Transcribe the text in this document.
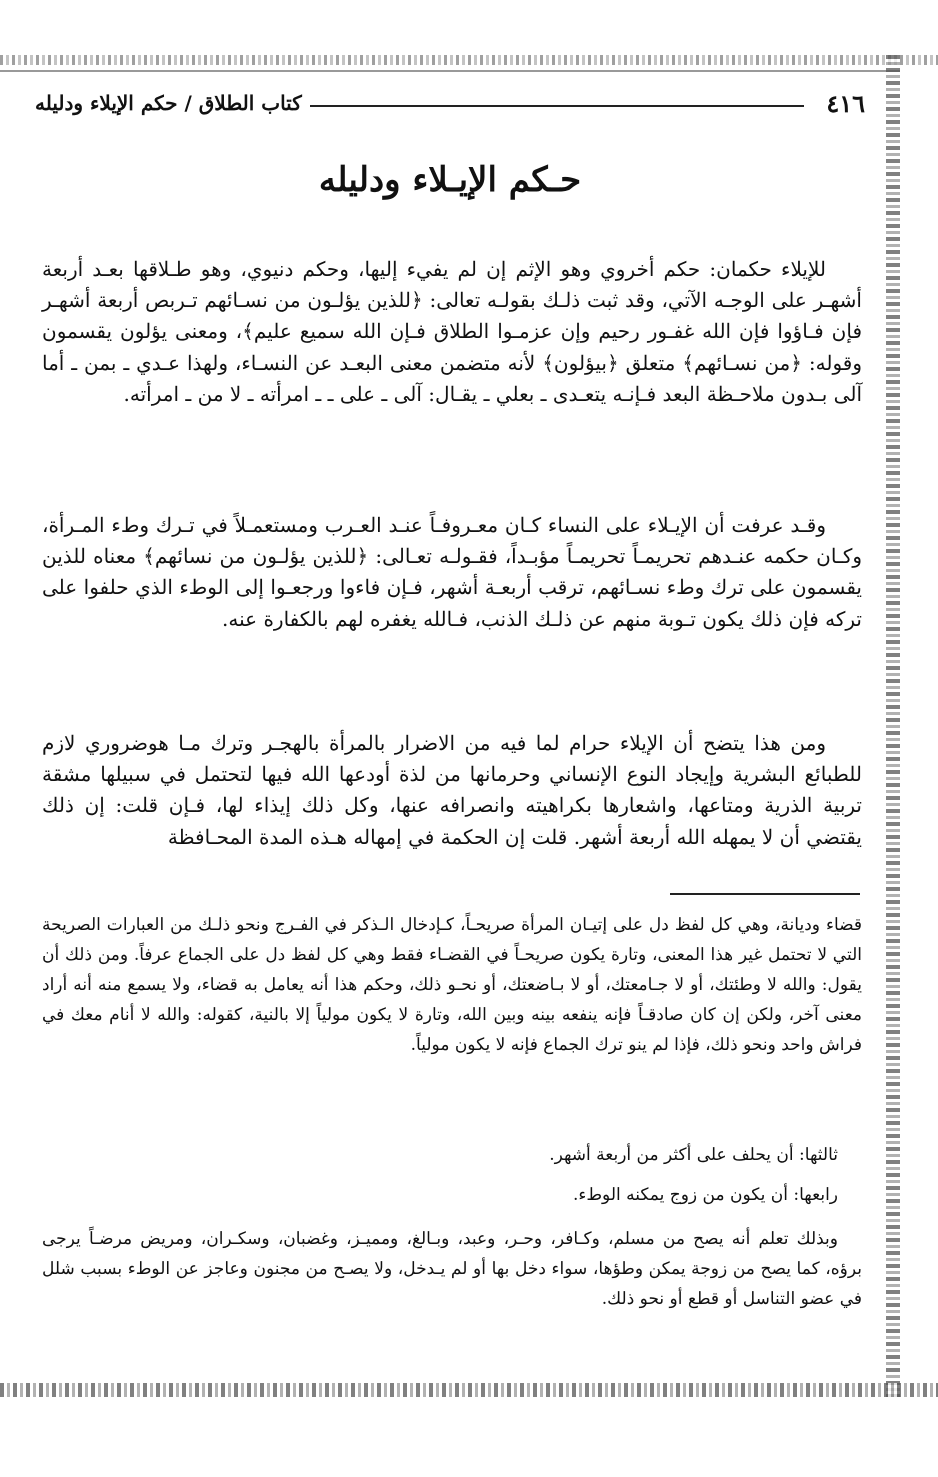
٤١٦
كتاب الطلاق / حكم الإيلاء ودليله
حـكم الإيـلاء ودليله

للإيلاء حكمان: حكم أخروي وهو الإثم إن لم يفيء إليها، وحكم دنيوي، وهو طـلاقها بعـد أربعة أشهـر على الوجـه الآتي، وقد ثبت ذلـك بقولـه تعالى: ﴿للذين يؤلـون من نسـائهم تـربص أربعة أشهـر فإن فـاؤوا فإن الله غفـور رحيم وإن عزمـوا الطلاق فـإن الله سميع عليم﴾، ومعنى يؤلون يقسمون وقوله: ﴿من نسـائهم﴾ متعلق ﴿بيؤلون﴾ لأنه متضمن معنى البعـد عن النسـاء، ولهذا عـدي ـ بمن ـ أما آلى بـدون ملاحـظة البعد فـإنـه يتعـدى ـ بعلي ـ يقـال: آلى ـ على ـ ـ امرأته ـ لا من ـ امرأته.

وقـد عرفت أن الإيـلاء على النساء كـان معـروفـاً عنـد العـرب ومستعمـلاً في تـرك وطء المـرأة، وكـان حكمه عنـدهم تحريمـاً تحريمـاً مؤبـداً، فقـولـه تعـالى: ﴿للذين يؤلـون من نسائهم﴾ معناه للذين يقسمون على ترك وطء نسـائهم، ترقب أربعـة أشهر، فـإن فاءوا ورجعـوا إلى الوطء الذي حلفوا على تركه فإن ذلك يكون تـوبة منهم عن ذلـك الذنب، فـالله يغفره لهم بالكفارة عنه.

ومن هذا يتضح أن الإيلاء حرام لما فيه من الاضرار بالمرأة بالهجـر وترك مـا هوضروري لازم للطبائع البشرية وإيجاد النوع الإنساني وحرمانها من لذة أودعها الله فيها لتحتمل في سبيلها مشقة تربية الذرية ومتاعها، واشعارها بكراهيته وانصرافه عنها، وكل ذلك إيذاء لها، فـإن قلت: إن ذلك يقتضي أن لا يمهله الله أربعة أشهر. قلت إن الحكمة في إمهاله هـذه المدة المحـافظة

قضاء وديانة، وهي كل لفظ دل على إتيـان المرأة صريحـاً، كـإدخال الـذكر في الفـرج ونحو ذلـك من العبارات الصريحة التي لا تحتمل غير هذا المعنى، وتارة يكون صريحـاً في القضـاء فقط وهي كل لفظ دل على الجماع عرفاً. ومن ذلك أن يقول: والله لا وطئتك، أو لا جـامعتك، أو لا بـاضعتك، أو نحـو ذلك، وحكم هذا أنه يعامل به قضاء، ولا يسمع منه أنه أراد معنى آخر، ولكن إن كان صادقـاً فإنه ينفعه بينه وبين الله، وتارة لا يكون مولياً إلا بالنية، كقوله: والله لا أنام معك في فراش واحد ونحو ذلك، فإذا لم ينو ترك الجماع فإنه لا يكون مولياً.

ثالثها: أن يحلف على أكثر من أربعة أشهر.

رابعها: أن يكون من زوج يمكنه الوطء.

وبذلك تعلم أنه يصح من مسلم، وكـافر، وحـر، وعبد، وبـالغ، ومميـز، وغضبان، وسكـران، ومريض مرضـاً يرجى برؤه، كما يصح من زوجة يمكن وطؤها، سواء دخل بها أو لم يـدخل، ولا يصـح من مجنون وعاجز عن الوطء بسبب شلل في عضو التناسل أو قطع أو نحو ذلك.
